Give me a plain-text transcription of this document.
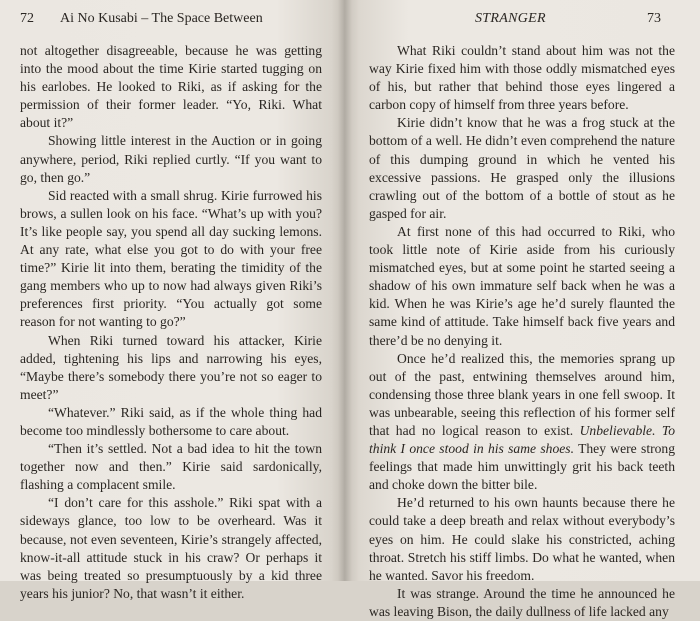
72 Ai No Kusabi – The Space Between

not altogether disagreeable, because he was getting into the mood about the time Kirie started tugging on his earlobes. He looked to Riki, as if asking for the permission of their former leader. “Yo, Riki. What about it?”

Showing little interest in the Auction or in going anywhere, period, Riki replied curtly. “If you want to go, then go.”

Sid reacted with a small shrug. Kirie furrowed his brows, a sullen look on his face. “What’s up with you? It’s like people say, you spend all day sucking lemons. At any rate, what else you got to do with your free time?” Kirie lit into them, berating the timidity of the gang members who up to now had always given Riki’s preferences first priority. “You actually got some reason for not wanting to go?”

When Riki turned toward his attacker, Kirie added, tightening his lips and narrowing his eyes, “Maybe there’s somebody there you’re not so eager to meet?”

“Whatever.” Riki said, as if the whole thing had become too mindlessly bothersome to care about.

“Then it’s settled. Not a bad idea to hit the town together now and then.” Kirie said sardonically, flashing a complacent smile.

“I don’t care for this asshole.” Riki spat with a sideways glance, too low to be overheard. Was it because, not even seventeen, Kirie’s strangely affected, know-it-all attitude stuck in his craw? Or perhaps it was being treated so presumptuously by a kid three years his junior? No, that wasn’t it either.

STRANGER	73

What Riki couldn’t stand about him was not the way Kirie fixed him with those oddly mismatched eyes of his, but rather that behind those eyes lingered a carbon copy of himself from three years before.

Kirie didn’t know that he was a frog stuck at the bottom of a well. He didn’t even comprehend the nature of this dumping ground in which he vented his excessive passions. He grasped only the illusions crawling out of the bottom of a bottle of stout as he gasped for air.

At first none of this had occurred to Riki, who took little note of Kirie aside from his curiously mismatched eyes, but at some point he started seeing a shadow of his own immature self back when he was a kid. When he was Kirie’s age he’d surely flaunted the same kind of attitude. Take himself back five years and there’d be no denying it.

Once he’d realized this, the memories sprang up out of the past, entwining themselves around him, condensing those three blank years in one fell swoop. It was unbearable, seeing this reflection of his former self that had no logical reason to exist. Unbelievable. To think I once stood in his same shoes. They were strong feelings that made him unwittingly grit his back teeth and choke down the bitter bile.

He’d returned to his own haunts because there he could take a deep breath and relax without everybody’s eyes on him. He could slake his constricted, aching throat. Stretch his stiff limbs. Do what he wanted, when he wanted. Savor his freedom.

It was strange. Around the time he announced he was leaving Bison, the daily dullness of life lacked any
